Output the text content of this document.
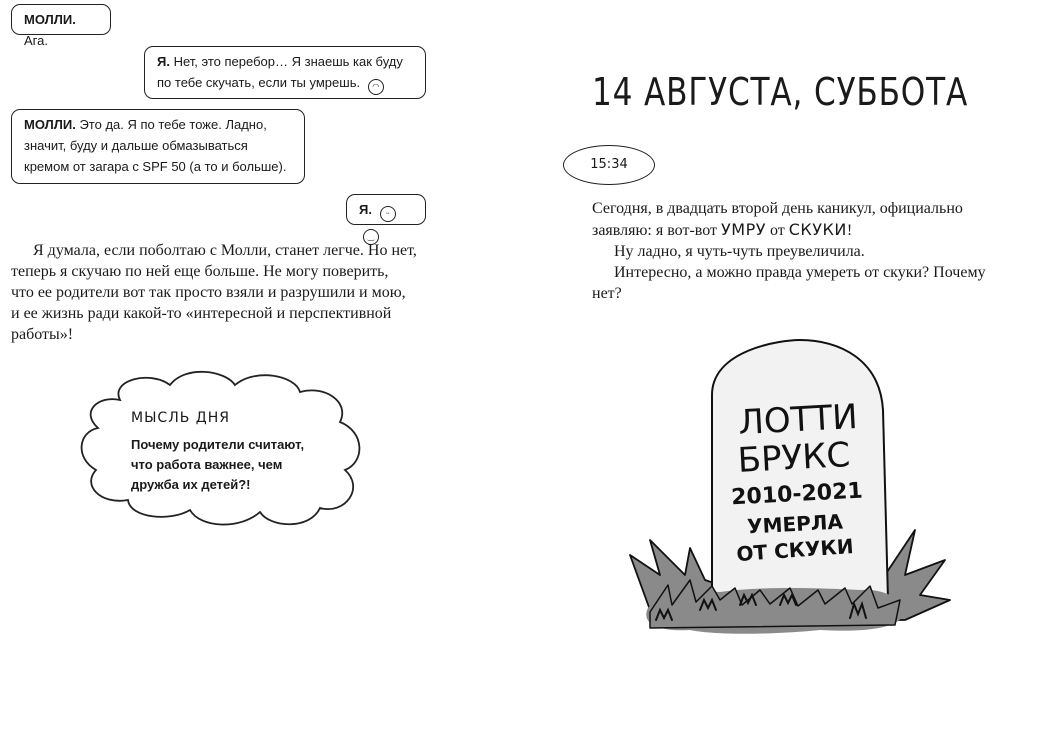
МОЛЛИ. Ага.
Я. Нет, это перебор… Я знаешь как буду
по тебе скучать, если ты умрешь. ◠
МОЛЛИ. Это да. Я по тебе тоже. Ладно,
значит, буду и дальше обмазываться
кремом от загара с SPF 50 (а то и больше).
Я. ᵕ‿
Я думала, если поболтаю с Молли, станет легче. Но нет,
теперь я скучаю по ней еще больше. Не могу поверить,
что ее родители вот так просто взяли и разрушили и мою,
и ее жизнь ради какой-то «интересной и перспективной
работы»!
МЫСЛЬ ДНЯ
Почему родители считают,
что работа важнее, чем
дружба их детей?!
14 АВГУСТА, СУББОТА
15:34
Сегодня, в двадцать второй день каникул, официально
заявляю: я вот-вот УМРУ от СКУКИ!
Ну ладно, я чуть-чуть преувеличила.
Интересно, а можно правда умереть от скуки? Почему нет?
ЛОТТИ
БРУКС
2010-2021
УМЕРЛА
ОТ СКУКИ
